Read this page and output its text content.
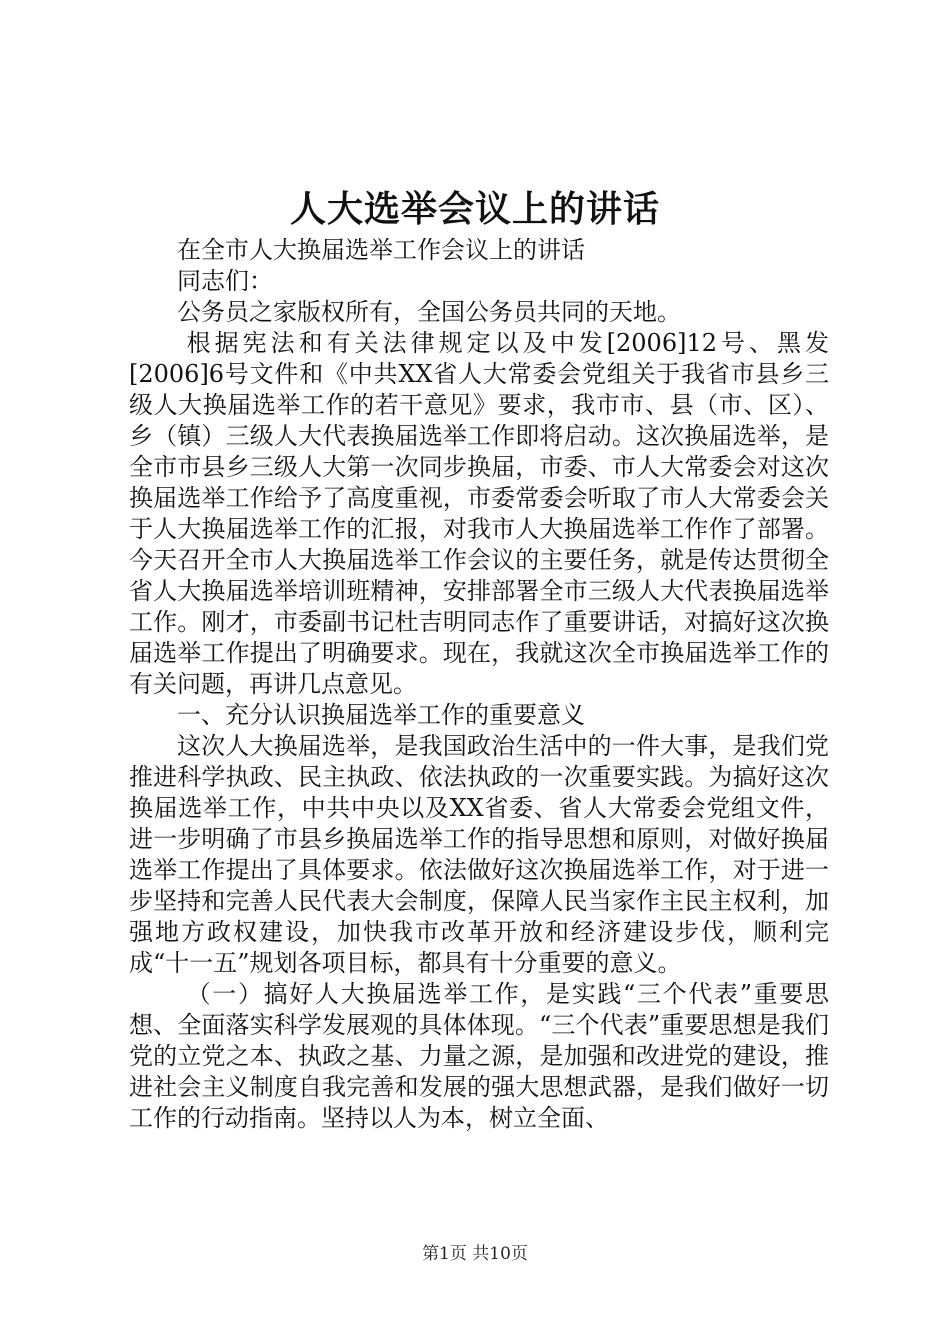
人大选举会议上的讲话

在全市人大换届选举工作会议上的讲话

同志们：

公务员之家版权所有，全国公务员共同的天地。

根据宪法和有关法律规定以及中发[2006]12号、黑发[2006]6号文件和《中共XX省人大常委会党组关于我省市县乡三级人大换届选举工作的若干意见》要求，我市市、县（市、区）、乡（镇）三级人大代表换届选举工作即将启动。这次换届选举，是全市市县乡三级人大第一次同步换届，市委、市人大常委会对这次换届选举工作给予了高度重视，市委常委会听取了市人大常委会关于人大换届选举工作的汇报，对我市人大换届选举工作作了部署。今天召开全市人大换届选举工作会议的主要任务，就是传达贯彻全省人大换届选举培训班精神，安排部署全市三级人大代表换届选举工作。刚才，市委副书记杜吉明同志作了重要讲话，对搞好这次换届选举工作提出了明确要求。现在，我就这次全市换届选举工作的有关问题，再讲几点意见。

一、充分认识换届选举工作的重要意义

这次人大换届选举，是我国政治生活中的一件大事，是我们党推进科学执政、民主执政、依法执政的一次重要实践。为搞好这次换届选举工作，中共中央以及XX省委、省人大常委会党组文件，进一步明确了市县乡换届选举工作的指导思想和原则，对做好换届选举工作提出了具体要求。依法做好这次换届选举工作，对于进一步坚持和完善人民代表大会制度，保障人民当家作主民主权利，加强地方政权建设，加快我市改革开放和经济建设步伐，顺利完成“十一五”规划各项目标，都具有十分重要的意义。

（一）搞好人大换届选举工作，是实践“三个代表”重要思想、全面落实科学发展观的具体体现。“三个代表”重要思想是我们党的立党之本、执政之基、力量之源，是加强和改进党的建设，推进社会主义制度自我完善和发展的强大思想武器，是我们做好一切工作的行动指南。坚持以人为本，树立全面、

第1页 共10页
